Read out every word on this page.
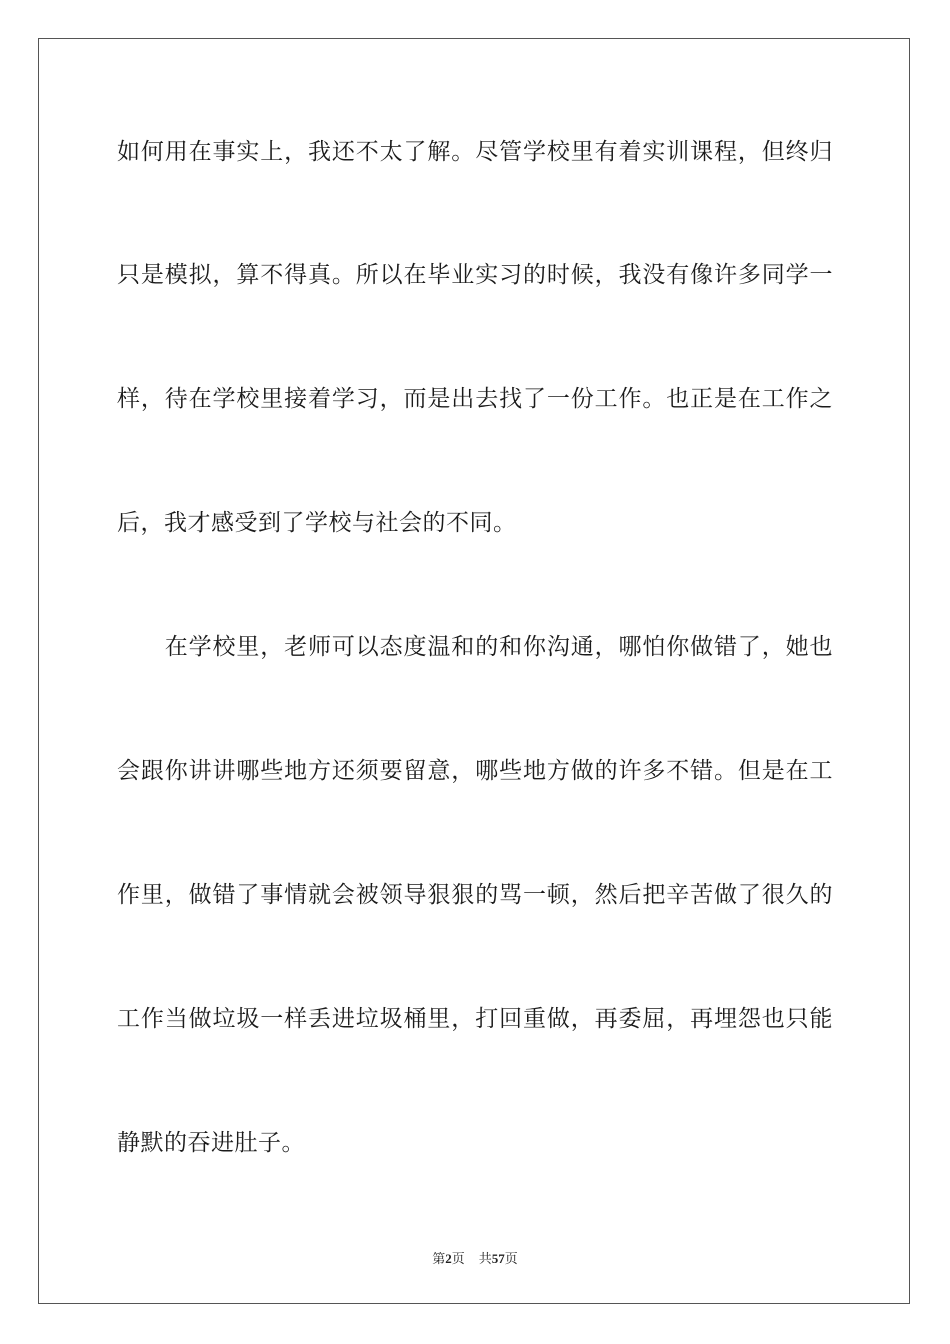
如何用在事实上，我还不太了解。尽管学校里有着实训课程，但终归
只是模拟，算不得真。所以在毕业实习的时候，我没有像许多同学一
样，待在学校里接着学习，而是出去找了一份工作。也正是在工作之
后，我才感受到了学校与社会的不同。
　　在学校里，老师可以态度温和的和你沟通，哪怕你做错了，她也
会跟你讲讲哪些地方还须要留意，哪些地方做的许多不错。但是在工
作里，做错了事情就会被领导狠狠的骂一顿，然后把辛苦做了很久的
工作当做垃圾一样丢进垃圾桶里，打回重做，再委屈，再埋怨也只能
静默的吞进肚子。
第2页 共57页
